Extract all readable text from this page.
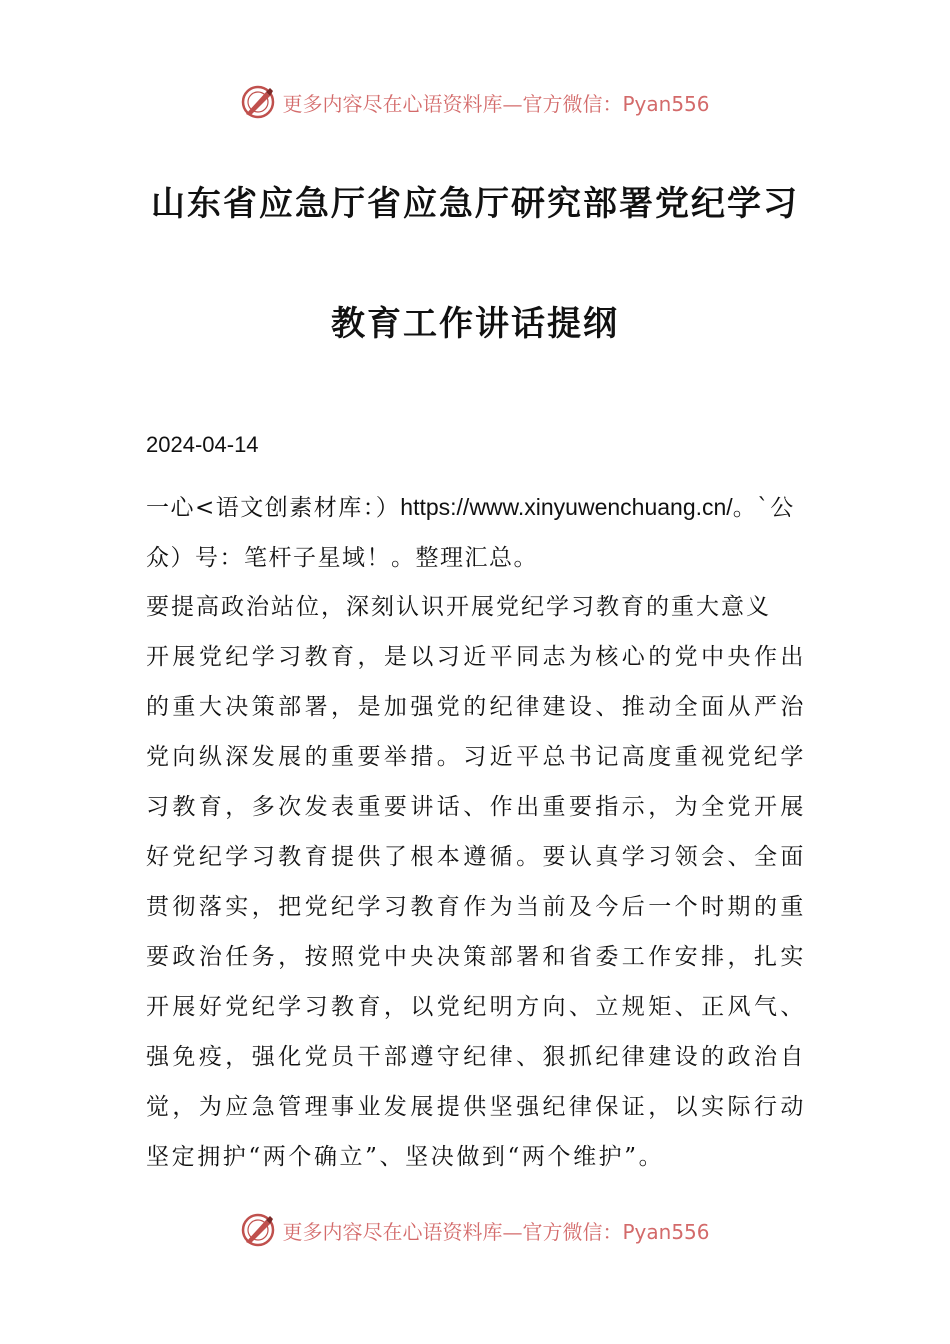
更多内容尽在心语资料库—官方微信：Pyan556
山东省应急厅省应急厅研究部署党纪学习
教育工作讲话提纲
2024-04-14
一心<语文创素材库：）https://www.xinyuwenchuang.cn/。`公众）号：笔杆子星域！。整理汇总。
要提高政治站位，深刻认识开展党纪学习教育的重大意义
开展党纪学习教育，是以习近平同志为核心的党中央作出的重大决策部署，是加强党的纪律建设、推动全面从严治党向纵深发展的重要举措。习近平总书记高度重视党纪学习教育，多次发表重要讲话、作出重要指示，为全党开展好党纪学习教育提供了根本遵循。要认真学习领会、全面贯彻落实，把党纪学习教育作为当前及今后一个时期的重要政治任务，按照党中央决策部署和省委工作安排，扎实开展好党纪学习教育，以党纪明方向、立规矩、正风气、强免疫，强化党员干部遵守纪律、狠抓纪律建设的政治自觉，为应急管理事业发展提供坚强纪律保证，以实际行动坚定拥护“两个确立”、坚决做到“两个维护”。
更多内容尽在心语资料库—官方微信：Pyan556
